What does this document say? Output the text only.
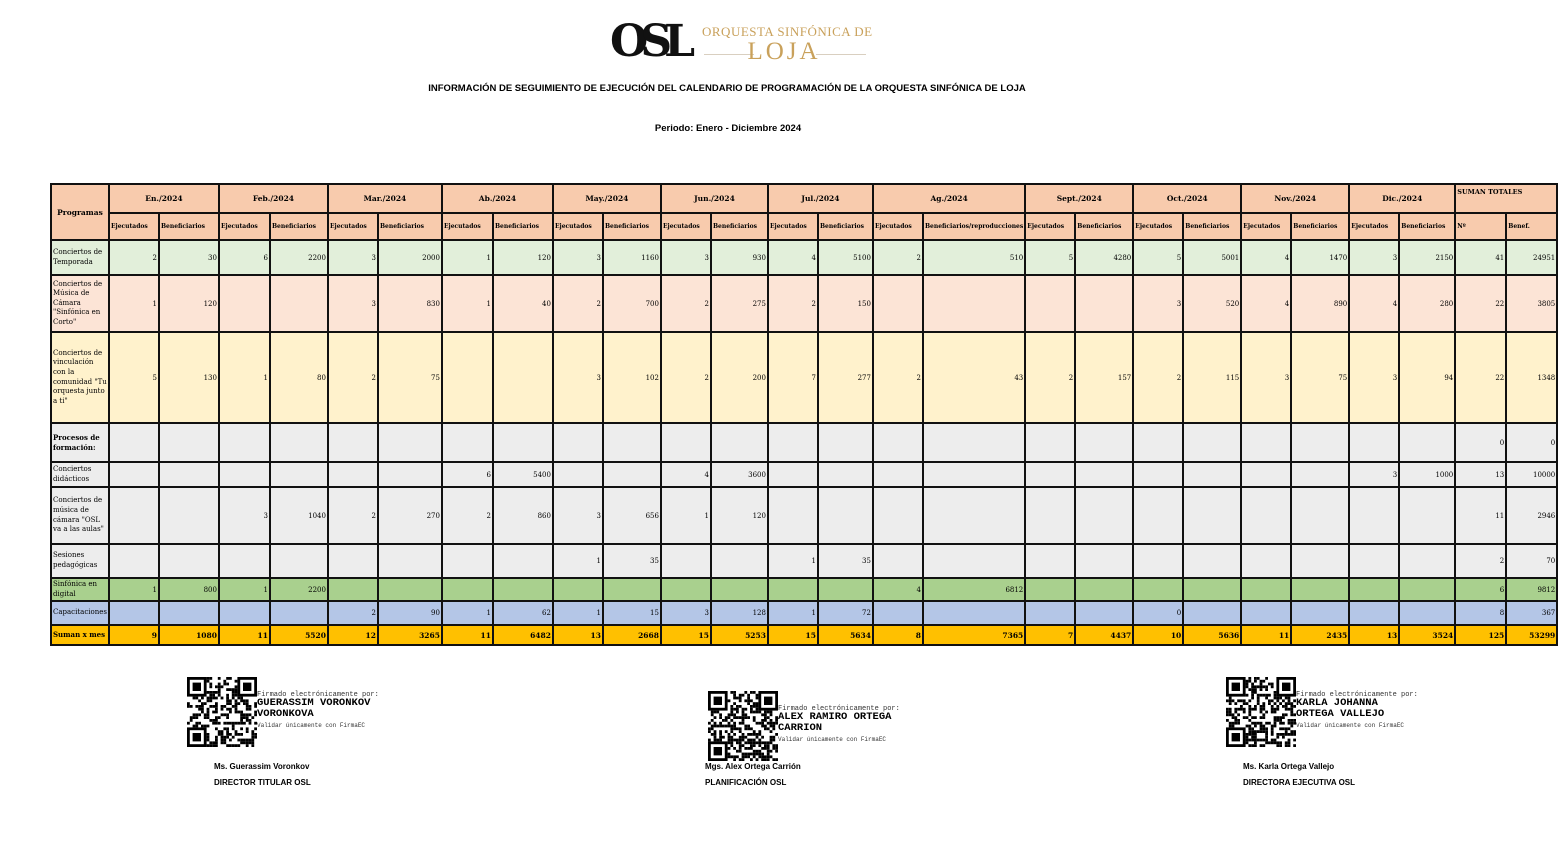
OSL ORQUESTA SINFÓNICA DE
LOJA
INFORMACIÓN DE SEGUIMIENTO DE EJECUCIÓN DEL CALENDARIO DE PROGRAMACIÓN DE LA ORQUESTA SINFÓNICA DE LOJA
Periodo: Enero - Diciembre 2024
Programas	En./2024		Feb./2024		Mar./2024		Ab./2024		May./2024		Jun./2024		Jul./2024		Ag./2024		Sept./2024		Oct./2024		Nov./2024		Dic./2024		SUMAN TOTALES	
	Ejecutados	Beneficiarios	Ejecutados	Beneficiarios	Ejecutados	Beneficiarios	Ejecutados	Beneficiarios	Ejecutados	Beneficiarios	Ejecutados	Beneficiarios	Ejecutados	Beneficiarios	Ejecutados	Beneficiarios/reproducciones	Ejecutados	Beneficiarios	Ejecutados	Beneficiarios	Ejecutados	Beneficiarios	Ejecutados	Beneficiarios	Nº	Benef.
Conciertos de Temporada	2	30	6	2200	3	2000	1	120	3	1160	3	930	4	5100	2	510	5	4280	5	5001	4	1470	3	2150	41	24951
Conciertos de Música de Cámara "Sinfónica en Corto"	1	120			3	830	1	40	2	700	2	275	2	150					3	520	4	890	4	280	22	3805
Conciertos de vinculación con la comunidad "Tu orquesta junto a ti"	5	130	1	80	2	75			3	102	2	200	7	277	2	43	2	157	2	115	3	75	3	94	22	1348
Procesos de formación:																									0	0
Conciertos didácticos							6	5400			4	3600											3	1000	13	10000
Conciertos de música de cámara "OSL va a las aulas"			3	1040	2	270	2	860	3	656	1	120													11	2946
Sesiones pedagógicas									1	35			1	35											2	70
Sinfónica en digital	1	800	1	2200											4	6812									6	9812
Capacitaciones					2	90	1	62	1	15	3	128	1	72					0						8	367
Suman x mes	9	1080	11	5520	12	3265	11	6482	13	2668	15	5253	15	5634	8	7365	7	4437	10	5636	11	2435	13	3524	125	53299
Firmado electrónicamente por:
GUERASSIM VORONKOV VORONKOVA
Validar únicamente con FirmaEC
Ms. Guerassim Voronkov
DIRECTOR TITULAR OSL
Firmado electrónicamente por:
ALEX RAMIRO ORTEGA CARRION
Validar únicamente con FirmaEC
Mgs. Alex Ortega Carrión
PLANIFICACIÓN OSL
Firmado electrónicamente por:
KARLA JOHANNA ORTEGA VALLEJO
Validar únicamente con FirmaEC
Ms. Karla Ortega Vallejo
DIRECTORA EJECUTIVA OSL
